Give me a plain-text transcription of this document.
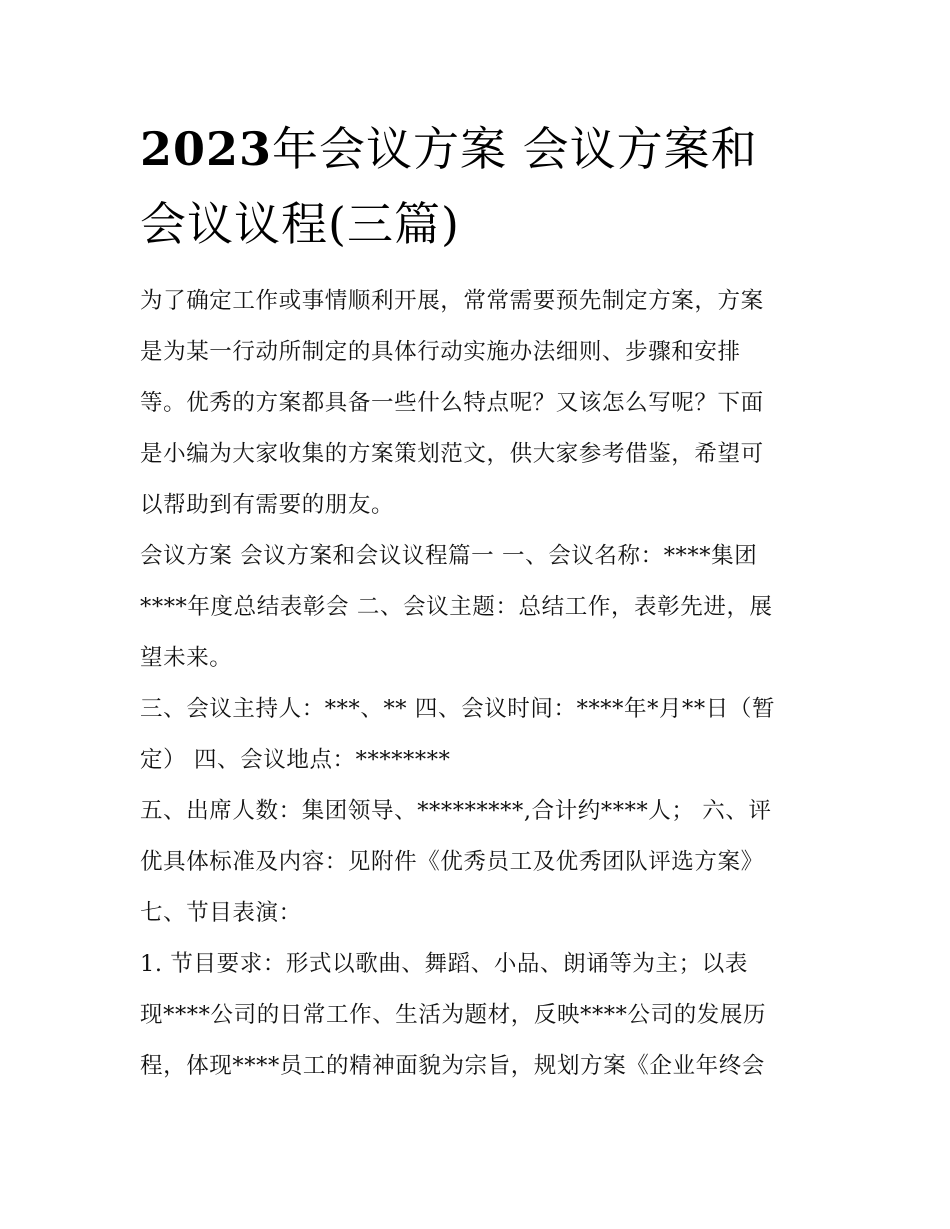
2023年会议方案 会议方案和
会议议程(三篇)

为了确定工作或事情顺利开展，常常需要预先制定方案，方案
是为某一行动所制定的具体行动实施办法细则、步骤和安排
等。优秀的方案都具备一些什么特点呢？又该怎么写呢？下面
是小编为大家收集的方案策划范文，供大家参考借鉴，希望可
以帮助到有需要的朋友。

会议方案 会议方案和会议议程篇一 一、会议名称：****集团
****年度总结表彰会 二、会议主题：总结工作，表彰先进，展
望未来。

三、会议主持人：***、** 四、会议时间：****年*月**日（暂
定） 四、会议地点：********

五、出席人数：集团领导、*********,合计约****人； 六、评
优具体标准及内容：见附件《优秀员工及优秀团队评选方案》
七、节目表演：

1. 节目要求：形式以歌曲、舞蹈、小品、朗诵等为主；以表
现****公司的日常工作、生活为题材，反映****公司的发展历
程，体现****员工的精神面貌为宗旨，规划方案《企业年终会
